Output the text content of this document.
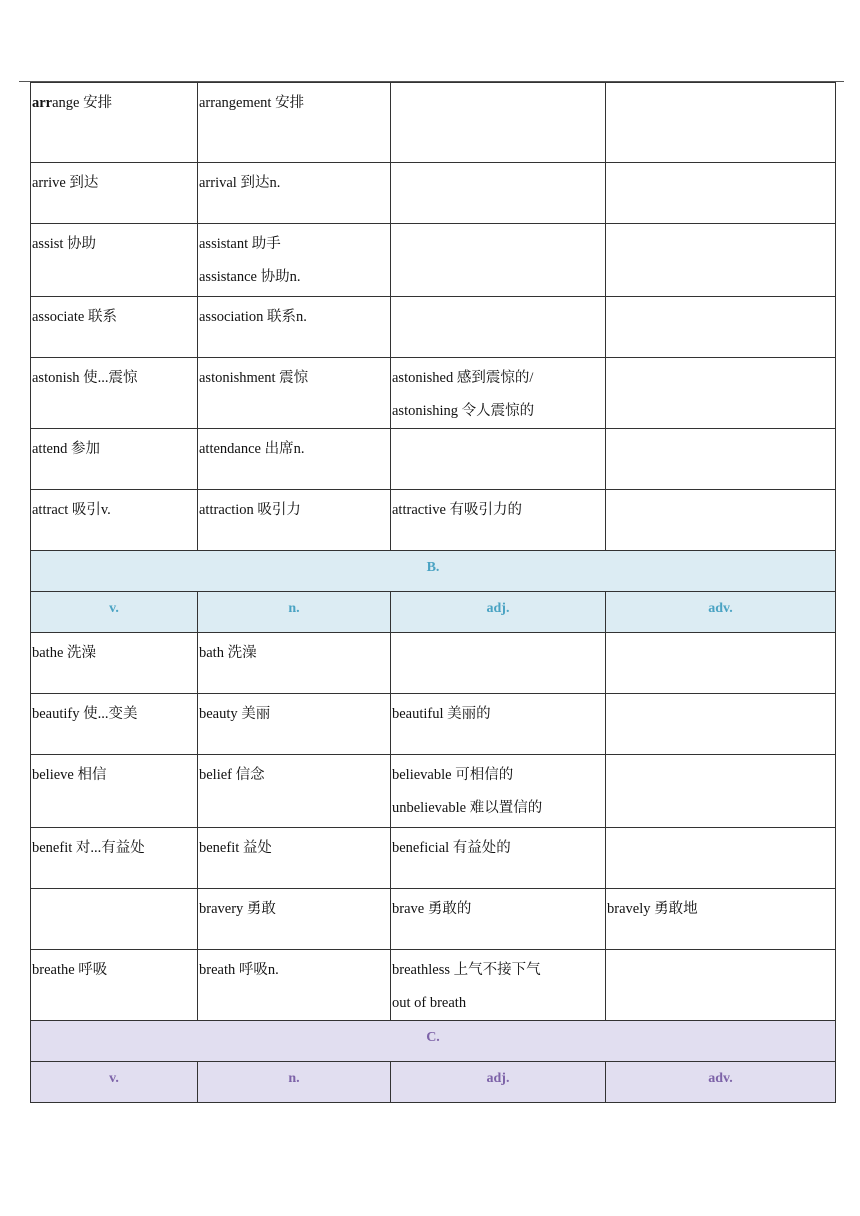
arrange 安排	arrangement 安排		

arrive 到达	arrival 到达n.		

assist 协助	assistant 助手
assistance 协助n.		

associate 联系	association 联系n.		

astonish 使...震惊	astonishment 震惊	astonished 感到震惊的/
astonishing 令人震惊的	

attend 参加	attendance 出席n.		

attract 吸引v.	attraction 吸引力	attractive 有吸引力的	

B.			
v.	n.	adj.	adv.

bathe 洗澡	bath 洗澡		

beautify 使...变美	beauty 美丽	beautiful 美丽的	

believe 相信	belief 信念	believable 可相信的
unbelievable 难以置信的	

benefit 对...有益处	benefit 益处	beneficial 有益处的	

	bravery 勇敢	brave 勇敢的	bravely 勇敢地

breathe 呼吸	breath 呼吸n.	breathless 上气不接下气
out of breath	

C.			
v.	n.	adj.	adv.
